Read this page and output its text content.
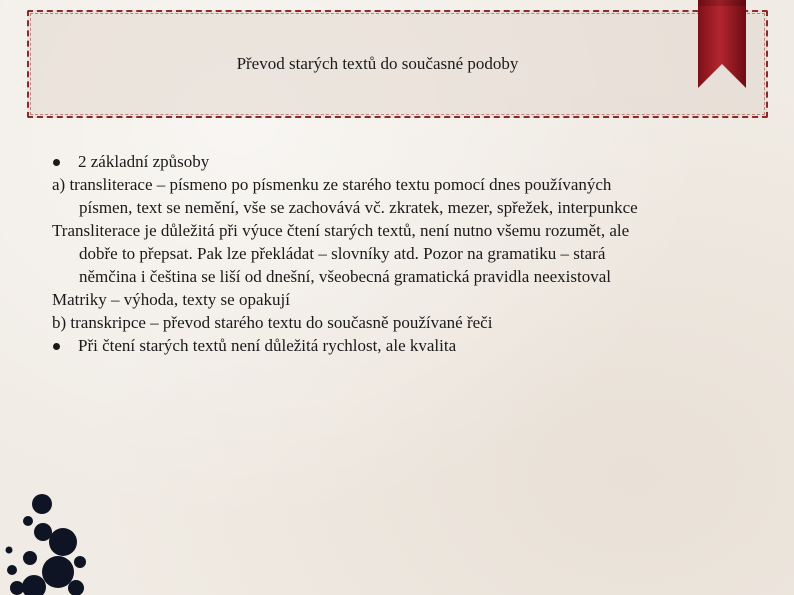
Převod starých textů do současné podoby
2 základní způsoby
a) transliterace – písmeno po písmenku ze starého textu pomocí dnes používaných
písmen, text se nemění, vše se zachovává vč. zkratek, mezer, spřežek, interpunkce
Transliterace je důležitá při výuce čtení starých textů, není nutno všemu rozumět, ale
dobře to přepsat. Pak lze překládat – slovníky atd. Pozor na gramatiku – stará
němčina i čeština se liší od dnešní, všeobecná gramatická pravidla neexistoval
Matriky – výhoda, texty se opakují
b) transkripce – převod starého textu do současně používané řeči
Při čtení starých textů není důležitá rychlost, ale kvalita
